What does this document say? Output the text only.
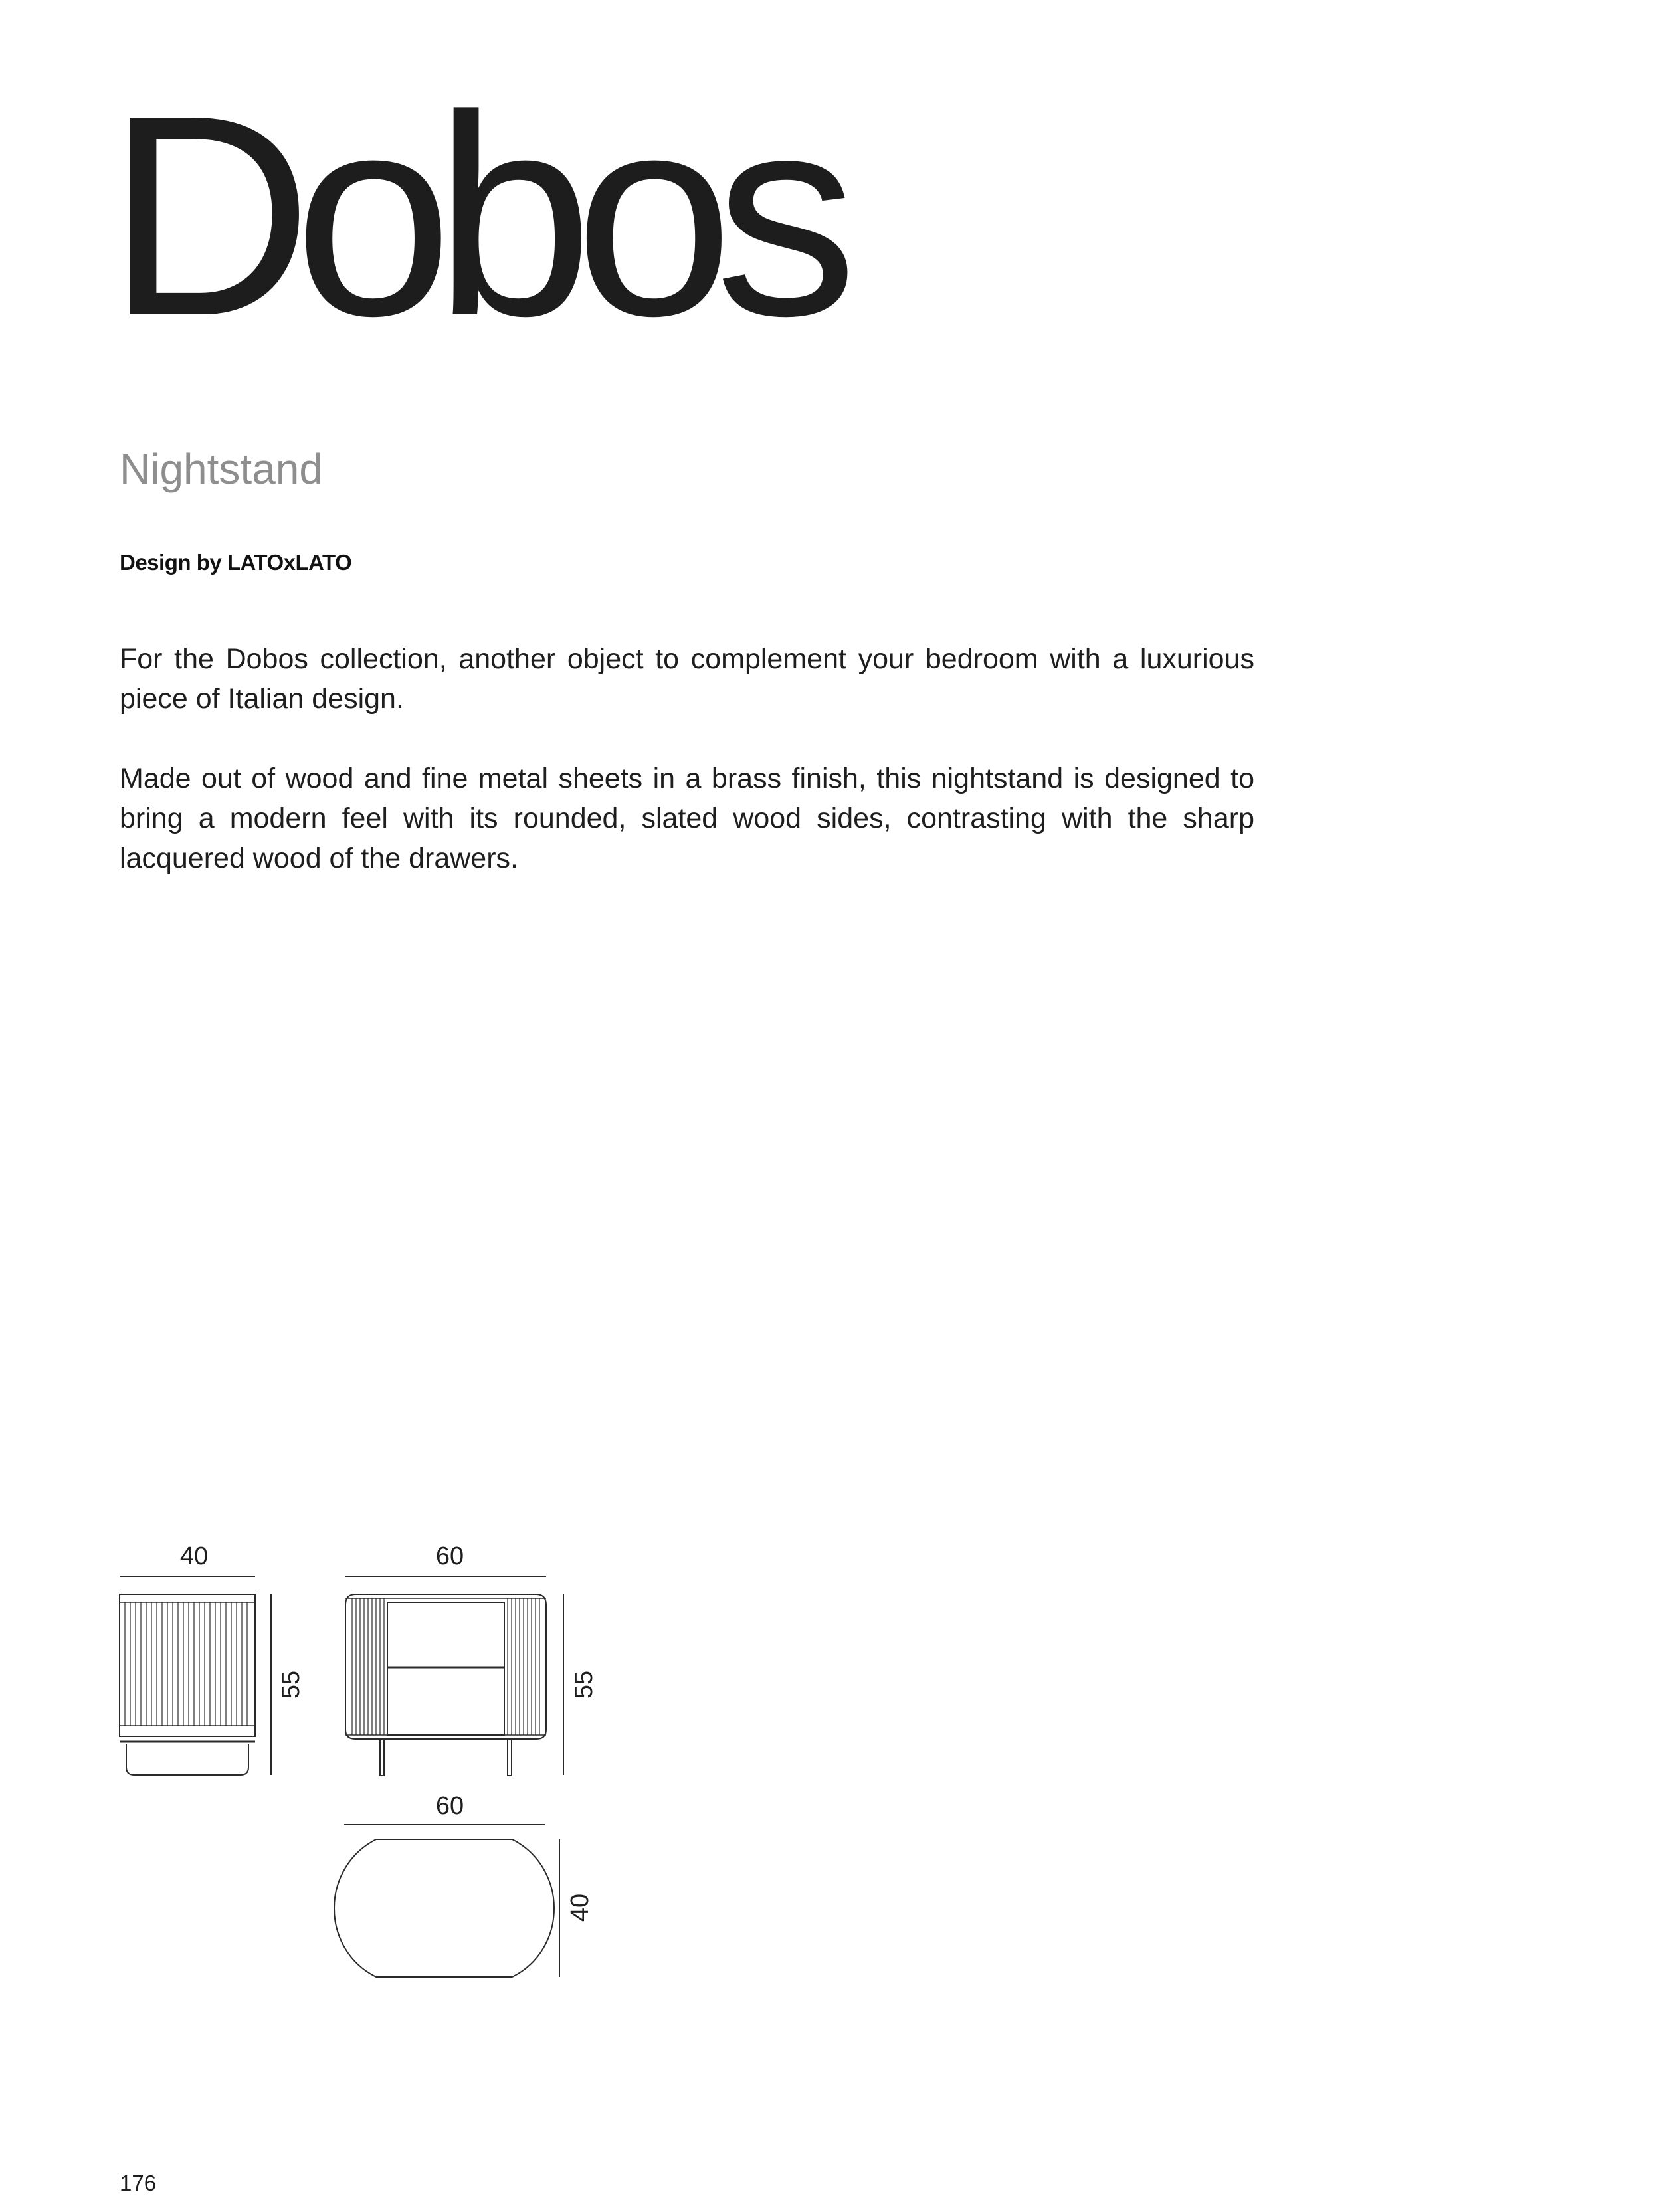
Dobos

Nightstand

Design by LATOxLATO

For the Dobos collection, another object to complement your bedroom with a luxurious piece of Italian design.

Made out of wood and fine metal sheets in a brass finish, this nightstand is designed to bring a modern feel with its rounded, slated wood sides, contrasting with the sharp lacquered wood of the drawers.

40
55
60
55
60
40

176
